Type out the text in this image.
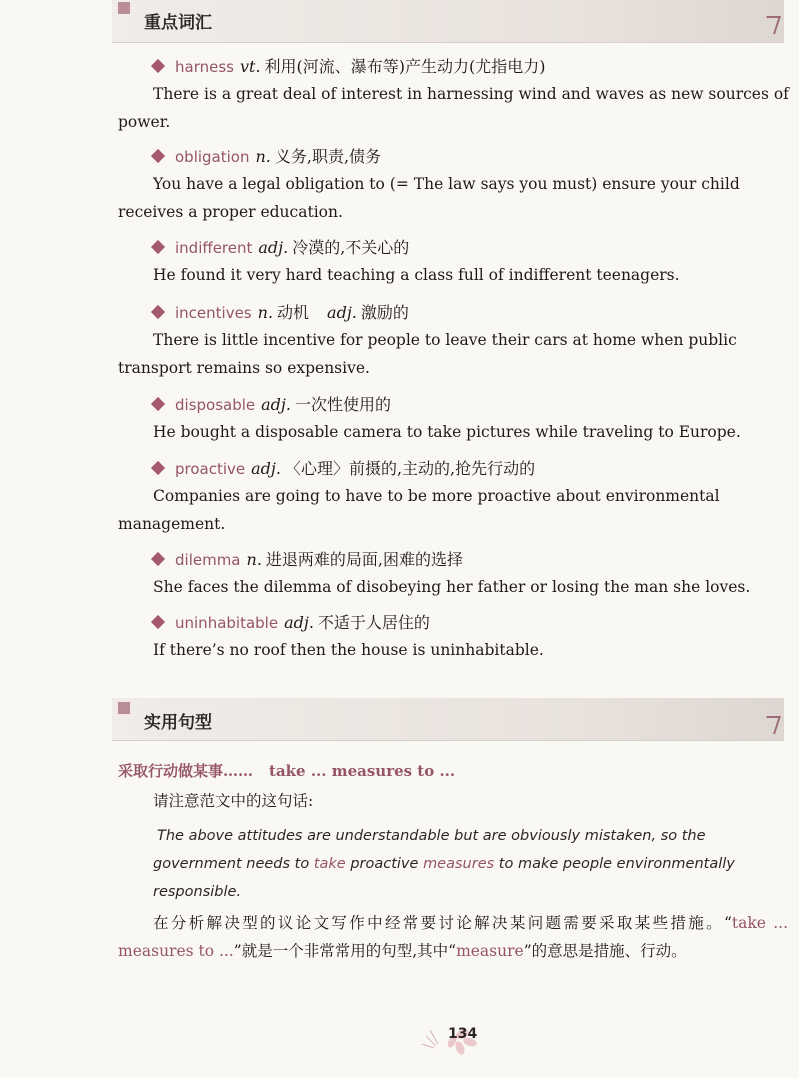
重点词汇
harness vt. 利用(河流、瀑布等)产生动力(尤指电力)
There is a great deal of interest in harnessing wind and waves as new sources of
power.
obligation n. 义务,职责,债务
You have a legal obligation to (= The law says you must) ensure your child
receives a proper education.
indifferent adj. 冷漠的,不关心的
He found it very hard teaching a class full of indifferent teenagers.
incentives n. 动机 adj. 激励的
There is little incentive for people to leave their cars at home when public
transport remains so expensive.
disposable adj. 一次性使用的
He bought a disposable camera to take pictures while traveling to Europe.
proactive adj. 〈心理〉前摄的,主动的,抢先行动的
Companies are going to have to be more proactive about environmental
management.
dilemma n. 进退两难的局面,困难的选择
She faces the dilemma of disobeying her father or losing the man she loves.
uninhabitable adj. 不适于人居住的
If there’s no roof then the house is uninhabitable.
实用句型
采取行动做某事…… take ... measures to ...
请注意范文中的这句话:
The above attitudes are understandable but are obviously mistaken, so the
government needs to take proactive measures to make people environmentally
responsible.
在分析解决型的议论文写作中经常要讨论解决某问题需要采取某些措施。“take ... measures to ...”就是一个非常常用的句型,其中“measure”的意思是措施、行动。
134
